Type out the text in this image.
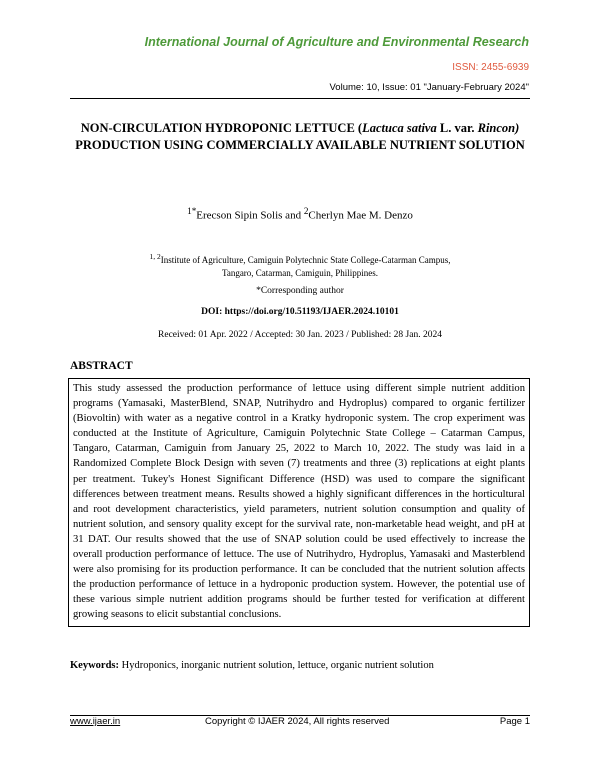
International Journal of Agriculture and Environmental Research
ISSN: 2455-6939
Volume: 10, Issue: 01 "January-February 2024"
NON-CIRCULATION HYDROPONIC LETTUCE (Lactuca sativa L. var. Rincon) PRODUCTION USING COMMERCIALLY AVAILABLE NUTRIENT SOLUTION
$^{1*}$Erecson Sipin Solis and $^2$Cherlyn Mae M. Denzo
$^{1, 2}$Institute of Agriculture, Camiguin Polytechnic State College-Catarman Campus,
Tangaro, Catarman, Camiguin, Philippines.
*Corresponding author
DOI: https://doi.org/10.51193/IJAER.2024.10101
Received: 01 Apr. 2022 / Accepted: 30 Jan. 2023 / Published: 28 Jan. 2024
ABSTRACT
This study assessed the production performance of lettuce using different simple nutrient addition programs (Yamasaki, MasterBlend, SNAP, Nutrihydro and Hydroplus) compared to organic fertilizer (Biovoltin) with water as a negative control in a Kratky hydroponic system. The crop experiment was conducted at the Institute of Agriculture, Camiguin Polytechnic State College – Catarman Campus, Tangaro, Catarman, Camiguin from January 25, 2022 to March 10, 2022. The study was laid in a Randomized Complete Block Design with seven (7) treatments and three (3) replications at eight plants per treatment. Tukey's Honest Significant Difference (HSD) was used to compare the significant differences between treatment means. Results showed a highly significant differences in the horticultural and root development characteristics, yield parameters, nutrient solution consumption and quality of nutrient solution, and sensory quality except for the survival rate, non-marketable head weight, and pH at 31 DAT. Our results showed that the use of SNAP solution could be used effectively to increase the overall production performance of lettuce. The use of Nutrihydro, Hydroplus, Yamasaki and Masterblend were also promising for its production performance. It can be concluded that the nutrient solution affects the production performance of lettuce in a hydroponic production system. However, the potential use of these various simple nutrient addition programs should be further tested for verification at different growing seasons to elicit substantial conclusions.
Keywords: Hydroponics, inorganic nutrient solution, lettuce, organic nutrient solution
www.ijaer.in	Copyright © IJAER 2024, All rights reserved	Page 1
